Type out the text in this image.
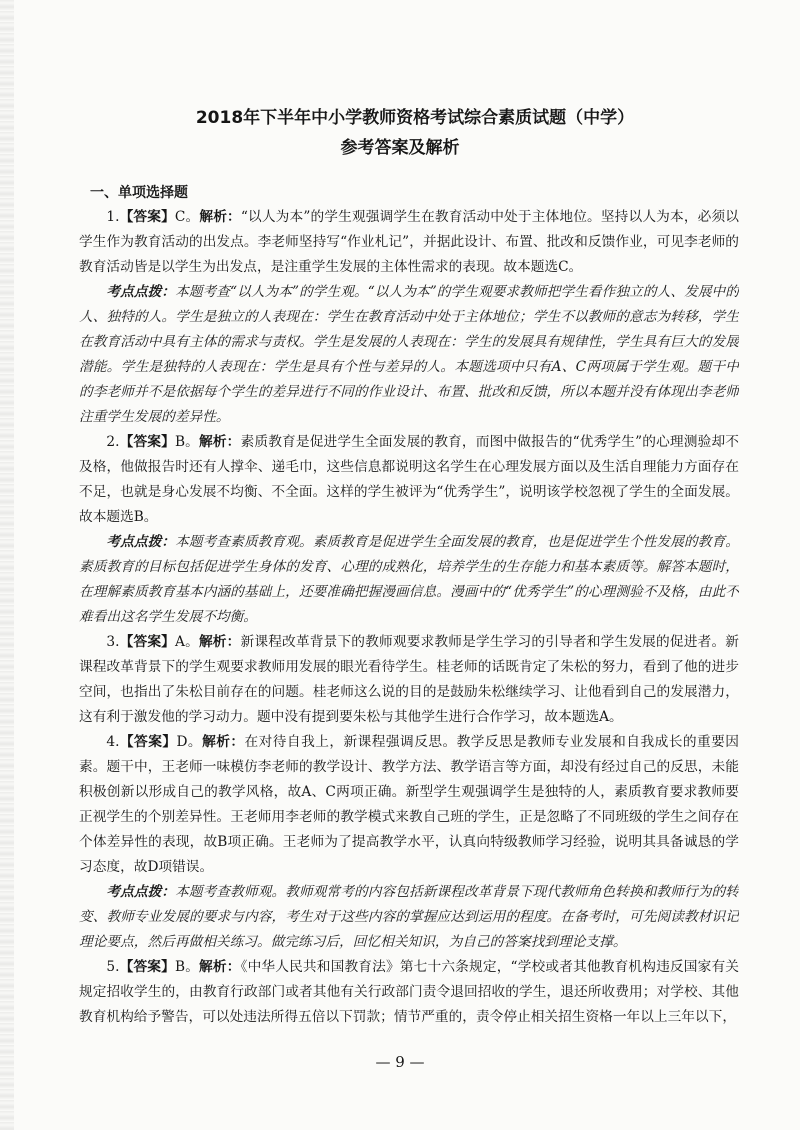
2018年下半年中小学教师资格考试综合素质试题（中学）
参考答案及解析
一、单项选择题

1.【答案】C。解析：“以人为本”的学生观强调学生在教育活动中处于主体地位。坚持以人为本，必须以学生作为教育活动的出发点。李老师坚持写“作业札记”，并据此设计、布置、批改和反馈作业，可见李老师的教育活动皆是以学生为出发点，是注重学生发展的主体性需求的表现。故本题选C。

考点点拨：本题考查“以人为本”的学生观。“以人为本”的学生观要求教师把学生看作独立的人、发展中的人、独特的人。学生是独立的人表现在：学生在教育活动中处于主体地位；学生不以教师的意志为转移，学生在教育活动中具有主体的需求与责权。学生是发展的人表现在：学生的发展具有规律性，学生具有巨大的发展潜能。学生是独特的人表现在：学生是具有个性与差异的人。本题选项中只有A、C两项属于学生观。题干中的李老师并不是依据每个学生的差异进行不同的作业设计、布置、批改和反馈，所以本题并没有体现出李老师注重学生发展的差异性。

2.【答案】B。解析：素质教育是促进学生全面发展的教育，而图中做报告的“优秀学生”的心理测验却不及格，他做报告时还有人撑伞、递毛巾，这些信息都说明这名学生在心理发展方面以及生活自理能力方面存在不足，也就是身心发展不均衡、不全面。这样的学生被评为“优秀学生”，说明该学校忽视了学生的全面发展。故本题选B。

考点点拨：本题考查素质教育观。素质教育是促进学生全面发展的教育，也是促进学生个性发展的教育。素质教育的目标包括促进学生身体的发育、心理的成熟化，培养学生的生存能力和基本素质等。解答本题时，在理解素质教育基本内涵的基础上，还要准确把握漫画信息。漫画中的“优秀学生”的心理测验不及格，由此不难看出这名学生发展不均衡。

3.【答案】A。解析：新课程改革背景下的教师观要求教师是学生学习的引导者和学生发展的促进者。新课程改革背景下的学生观要求教师用发展的眼光看待学生。桂老师的话既肯定了朱松的努力，看到了他的进步空间，也指出了朱松目前存在的问题。桂老师这么说的目的是鼓励朱松继续学习、让他看到自己的发展潜力，这有利于激发他的学习动力。题中没有提到要朱松与其他学生进行合作学习，故本题选A。

4.【答案】D。解析：在对待自我上，新课程强调反思。教学反思是教师专业发展和自我成长的重要因素。题干中，王老师一味模仿李老师的教学设计、教学方法、教学语言等方面，却没有经过自己的反思，未能积极创新以形成自己的教学风格，故A、C两项正确。新型学生观强调学生是独特的人，素质教育要求教师要正视学生的个别差异性。王老师用李老师的教学模式来教自己班的学生，正是忽略了不同班级的学生之间存在个体差异性的表现，故B项正确。王老师为了提高教学水平，认真向特级教师学习经验，说明其具备诚恳的学习态度，故D项错误。

考点点拨：本题考查教师观。教师观常考的内容包括新课程改革背景下现代教师角色转换和教师行为的转变、教师专业发展的要求与内容，考生对于这些内容的掌握应达到运用的程度。在备考时，可先阅读教材识记理论要点，然后再做相关练习。做完练习后，回忆相关知识，为自己的答案找到理论支撑。

5.【答案】B。解析：《中华人民共和国教育法》第七十六条规定，“学校或者其他教育机构违反国家有关规定招收学生的，由教育行政部门或者其他有关行政部门责令退回招收的学生，退还所收费用；对学校、其他教育机构给予警告，可以处违法所得五倍以下罚款；情节严重的，责令停止相关招生资格一年以上三年以下，

— 9 —
